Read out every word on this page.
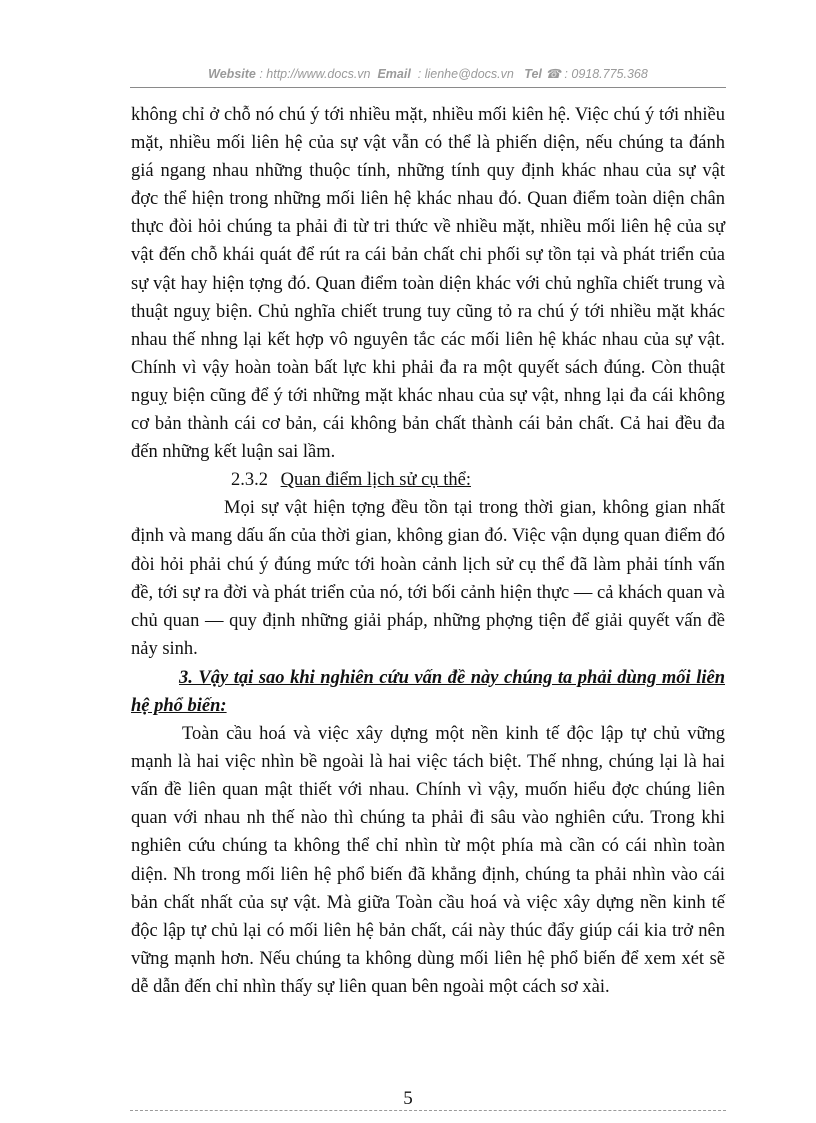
Website : http://www.docs.vn Email : lienhe@docs.vn Tel ☎ : 0918.775.368

không chỉ ở chỗ nó chú ý tới nhiều mặt, nhiều mối kiên hệ. Việc chú ý tới nhiều mặt, nhiều mối liên hệ của sự vật vẫn có thể là phiến diện, nếu chúng ta đánh giá ngang nhau những thuộc tính, những tính quy định khác nhau của sự vật đợc thể hiện trong những mối liên hệ khác nhau đó. Quan điểm toàn diện chân thực đòi hỏi chúng ta phải đi từ tri thức về nhiều mặt, nhiều mối liên hệ của sự vật đến chỗ khái quát để rút ra cái bản chất chi phối sự tồn tại và phát triển của sự vật hay hiện tợng đó. Quan điểm toàn diện khác với chủ nghĩa chiết trung và thuật nguỵ biện. Chủ nghĩa chiết trung tuy cũng tỏ ra chú ý tới nhiều mặt khác nhau thế nhng lại kết hợp vô nguyên tắc các mối liên hệ khác nhau của sự vật. Chính vì vậy hoàn toàn bất lực khi phải đa ra một quyết sách đúng. Còn thuật nguỵ biện cũng để ý tới những mặt khác nhau của sự vật, nhng lại đa cái không cơ bản thành cái cơ bản, cái không bản chất thành cái bản chất. Cả hai đều đa đến những kết luận sai lầm.

2.3.2 Quan điểm lịch sử cụ thể:

Mọi sự vật hiện tợng đều tồn tại trong thời gian, không gian nhất định và mang dấu ấn của thời gian, không gian đó. Việc vận dụng quan điểm đó đòi hỏi phải chú ý đúng mức tới hoàn cảnh lịch sử cụ thể đã làm phải tính vấn đề, tới sự ra đời và phát triển của nó, tới bối cảnh hiện thực — cả khách quan và chủ quan — quy định những giải pháp, những phợng tiện để giải quyết vấn đề nảy sinh.

3. Vậy tại sao khi nghiên cứu vấn đề này chúng ta phải dùng mối liên hệ phổ biến:

Toàn cầu hoá và việc xây dựng một nền kinh tế độc lập tự chủ vững mạnh là hai việc nhìn bề ngoài là hai việc tách biệt. Thế nhng, chúng lại là hai vấn đề liên quan mật thiết với nhau. Chính vì vậy, muốn hiểu đợc chúng liên quan với nhau nh thế nào thì chúng ta phải đi sâu vào nghiên cứu. Trong khi nghiên cứu chúng ta không thể chỉ nhìn từ một phía mà cần có cái nhìn toàn diện. Nh trong mối liên hệ phổ biến đã khẳng định, chúng ta phải nhìn vào cái bản chất nhất của sự vật. Mà giữa Toàn cầu hoá và việc xây dựng nền kinh tế độc lập tự chủ lại có mối liên hệ bản chất, cái này thúc đẩy giúp cái kia trở nên vững mạnh hơn. Nếu chúng ta không dùng mối liên hệ phổ biến để xem xét sẽ dễ dẫn đến chỉ nhìn thấy sự liên quan bên ngoài một cách sơ xài.

5
